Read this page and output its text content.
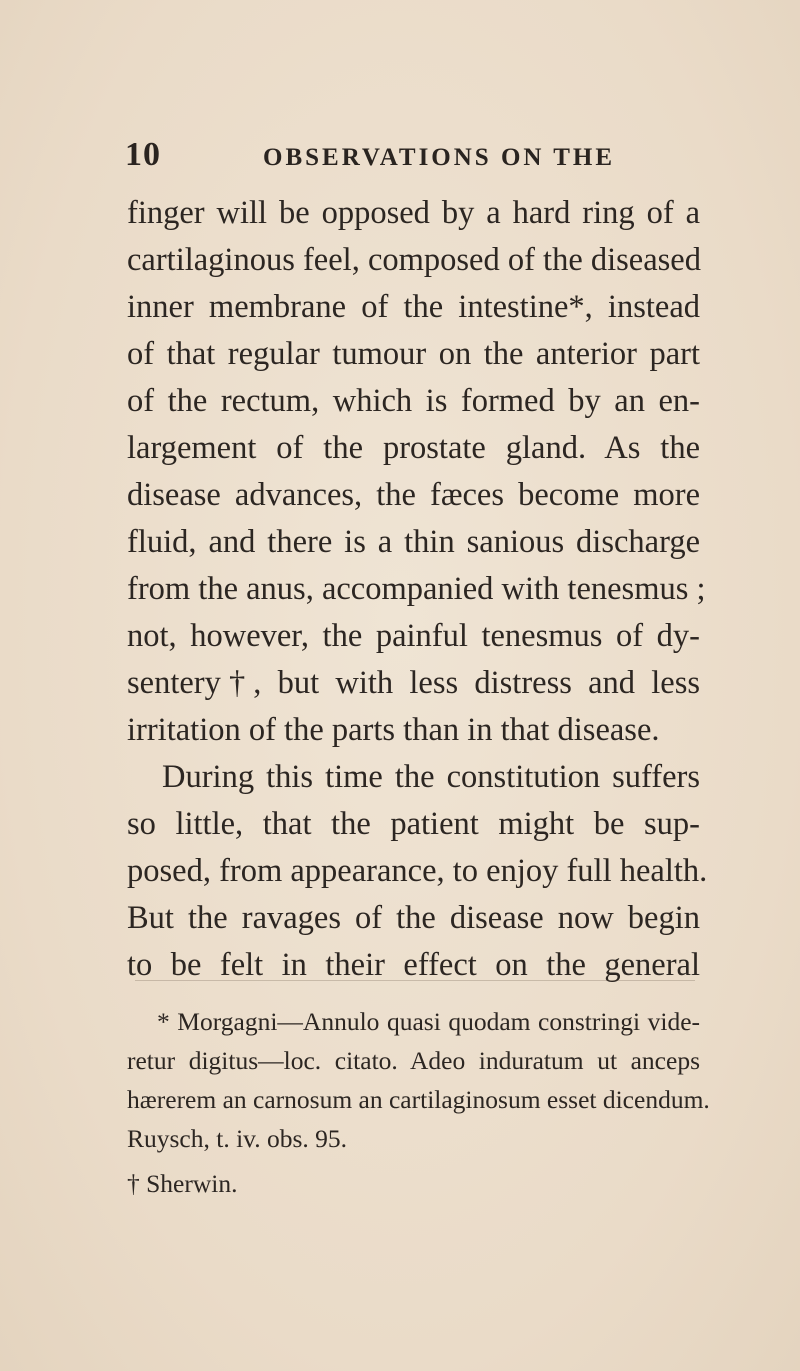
10	OBSERVATIONS ON THE
finger will be opposed by a hard ring of a
cartilaginous feel, composed of the diseased
inner membrane of the intestine*, instead
of that regular tumour on the anterior part
of the rectum, which is formed by an en-
largement of the prostate gland. As the
disease advances, the fæces become more
fluid, and there is a thin sanious discharge
from the anus, accompanied with tenesmus ;
not, however, the painful tenesmus of dy-
sentery†, but with less distress and less
irritation of the parts than in that disease.
During this time the constitution suffers
so little, that the patient might be sup-
posed, from appearance, to enjoy full health.
But the ravages of the disease now begin
to be felt in their effect on the general
* Morgagni—Annulo quasi quodam constringi vide-
retur digitus—loc. citato. Adeo induratum ut anceps
hærerem an carnosum an cartilaginosum esset dicendum.
Ruysch, t. iv. obs. 95.
† Sherwin.
